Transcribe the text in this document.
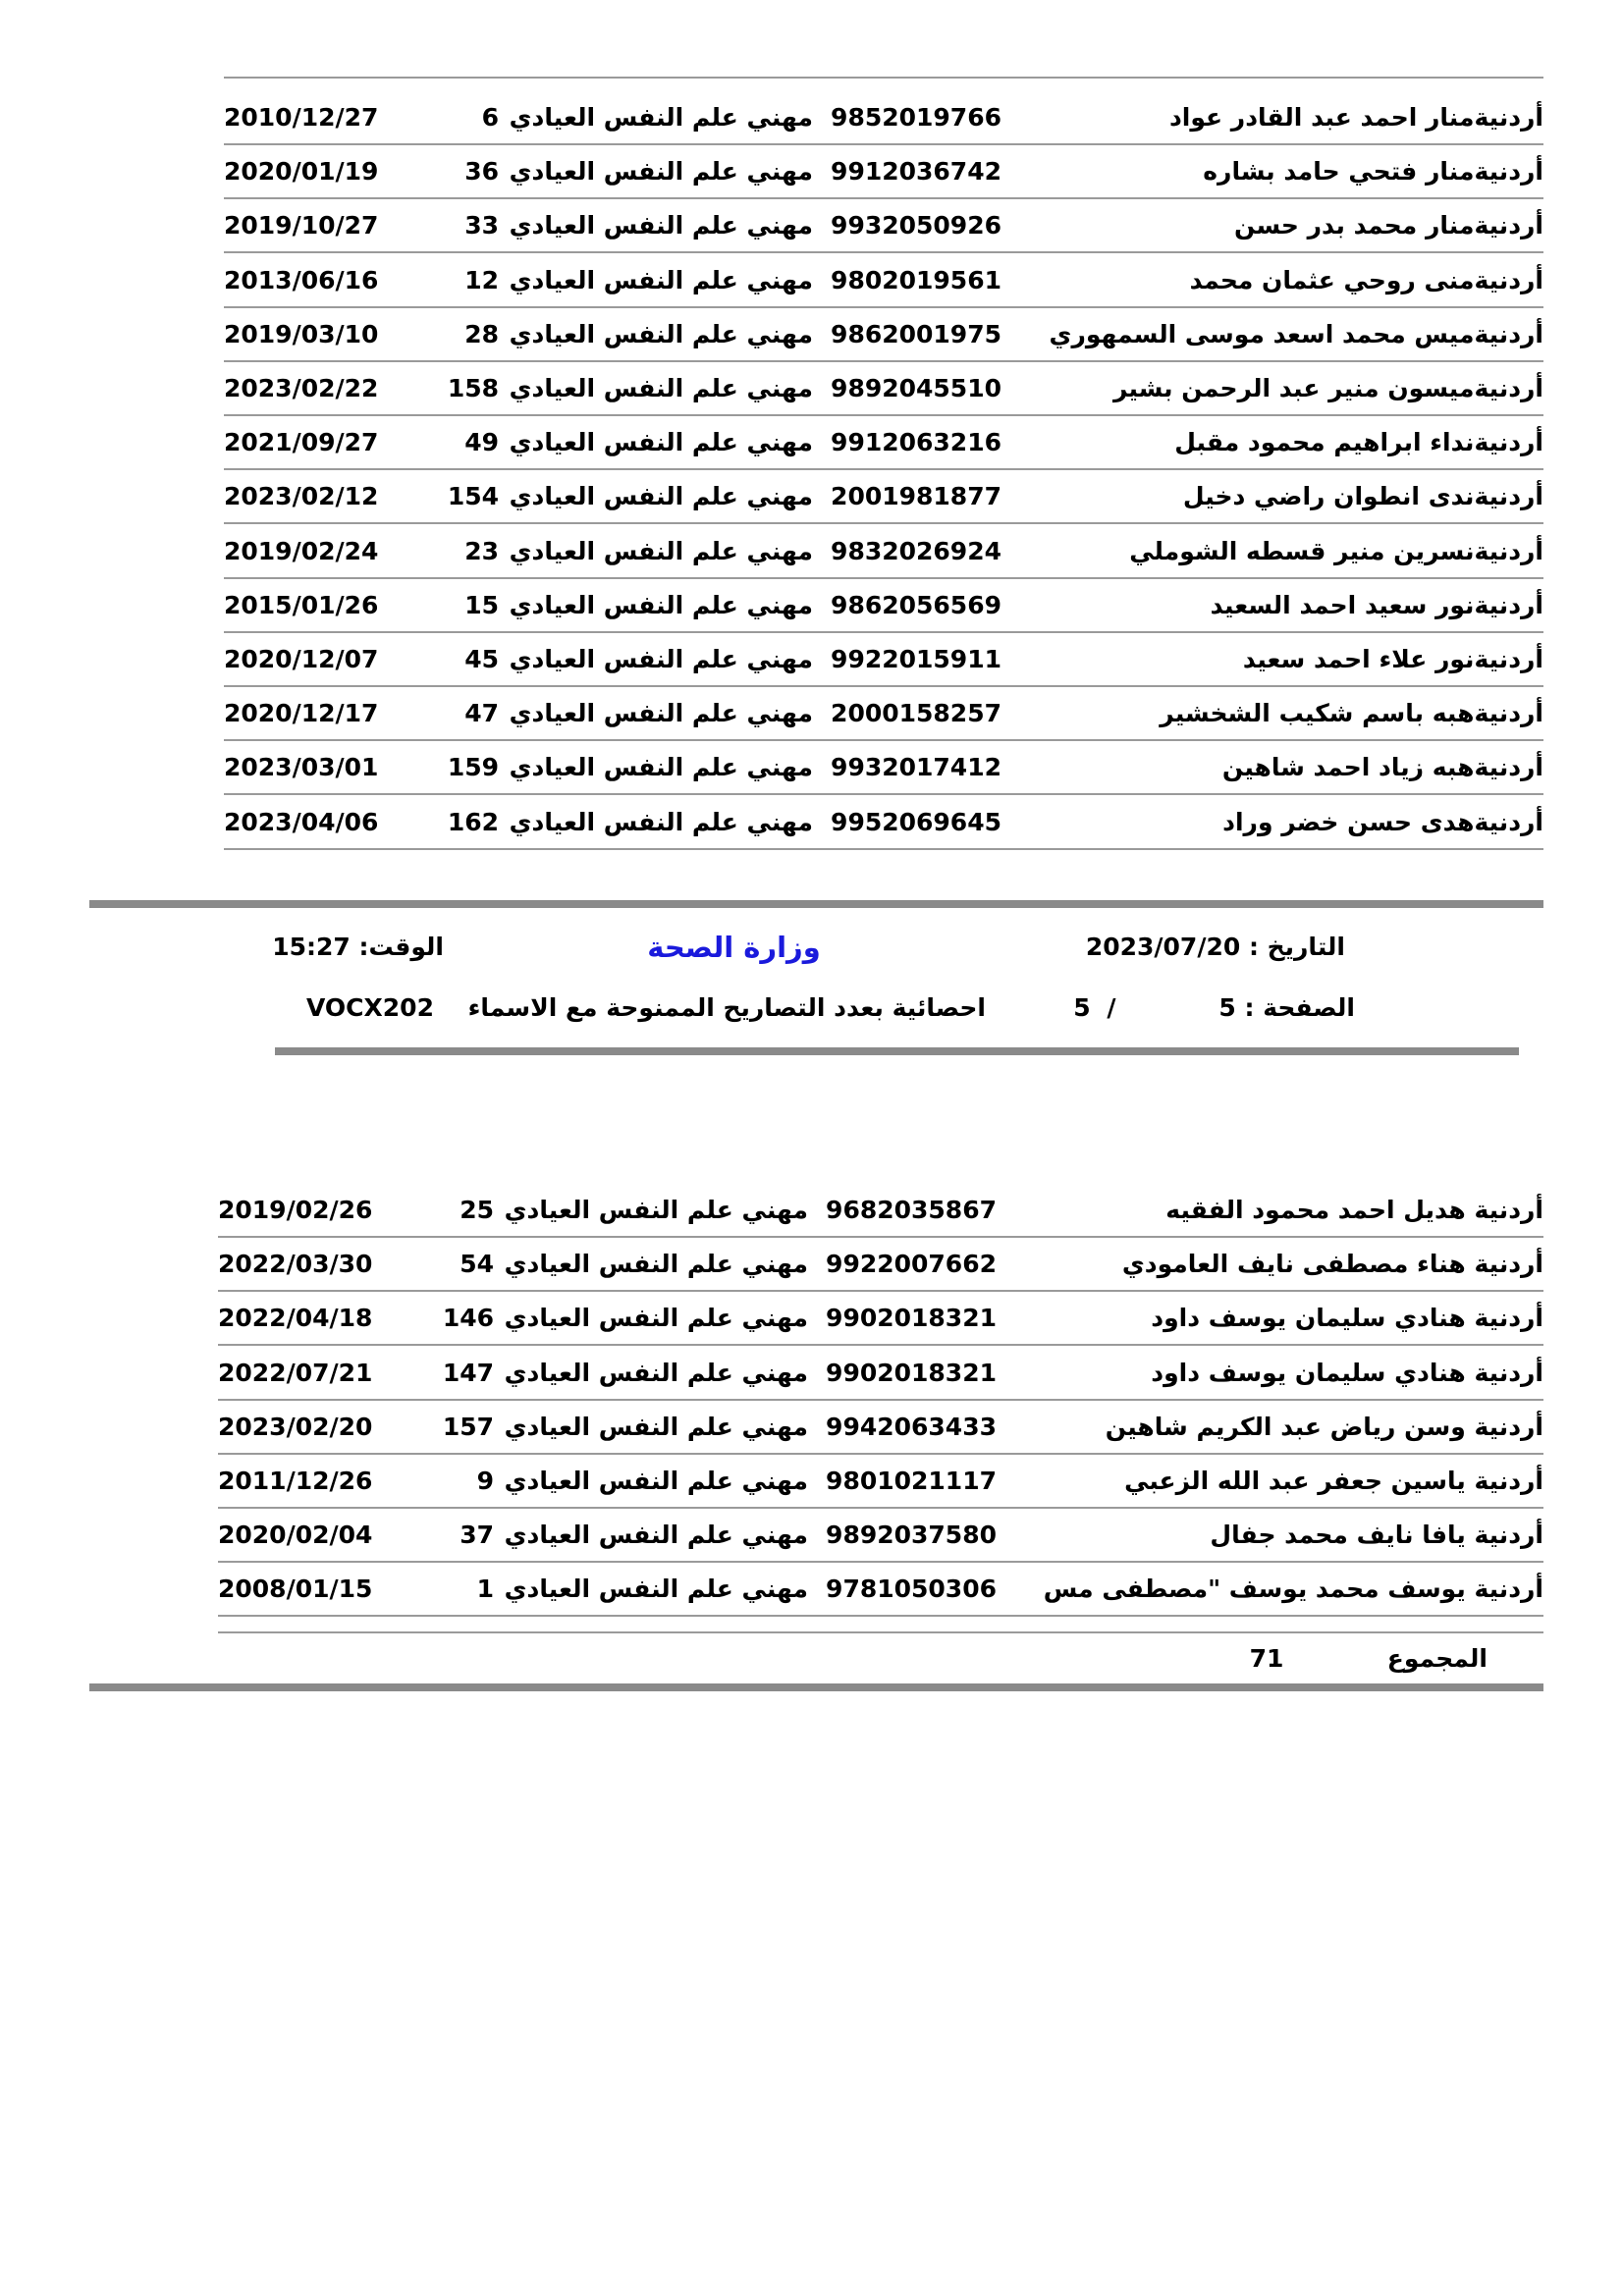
أردنيةمنار احمد عبد القادر عواد
9852019766
مهني علم النفس العيادي
6
2010/12/27
أردنيةمنار فتحي حامد بشاره
9912036742
مهني علم النفس العيادي
36
2020/01/19
أردنيةمنار محمد بدر حسن
9932050926
مهني علم النفس العيادي
33
2019/10/27
أردنيةمنى روحي عثمان محمد
9802019561
مهني علم النفس العيادي
12
2013/06/16
أردنيةميس محمد اسعد موسى السمهوري
9862001975
مهني علم النفس العيادي
28
2019/03/10
أردنيةميسون منير عبد الرحمن بشير
9892045510
مهني علم النفس العيادي
158
2023/02/22
أردنيةنداء ابراهيم محمود مقبل
9912063216
مهني علم النفس العيادي
49
2021/09/27
أردنيةندى انطوان راضي دخيل
2001981877
مهني علم النفس العيادي
154
2023/02/12
أردنيةنسرين منير قسطه الشوملي
9832026924
مهني علم النفس العيادي
23
2019/02/24
أردنيةنور سعيد احمد السعيد
9862056569
مهني علم النفس العيادي
15
2015/01/26
أردنيةنور علاء احمد سعيد
9922015911
مهني علم النفس العيادي
45
2020/12/07
أردنيةهبه باسم شكيب الشخشير
2000158257
مهني علم النفس العيادي
47
2020/12/17
أردنيةهبه زياد احمد شاهين
9932017412
مهني علم النفس العيادي
159
2023/03/01
أردنيةهدى حسن خضر وراد
9952069645
مهني علم النفس العيادي
162
2023/04/06
التاريخ : 2023/07/20
وزارة الصحة
الوقت: 15:27
الصفحة : 5
/
5
احصائية بعدد التصاريح الممنوحة مع الاسماء
VOCX202
أردنية هديل احمد محمود الفقيه
9682035867
مهني علم النفس العيادي
25
2019/02/26
أردنية هناء مصطفى نايف العامودي
9922007662
مهني علم النفس العيادي
54
2022/03/30
أردنية هنادي سليمان يوسف داود
9902018321
مهني علم النفس العيادي
146
2022/04/18
أردنية هنادي سليمان يوسف داود
9902018321
مهني علم النفس العيادي
147
2022/07/21
أردنية وسن رياض عبد الكريم شاهين
9942063433
مهني علم النفس العيادي
157
2023/02/20
أردنية ياسين جعفر عبد الله الزعبي
9801021117
مهني علم النفس العيادي
9
2011/12/26
أردنية يافا نايف محمد جفال
9892037580
مهني علم النفس العيادي
37
2020/02/04
أردنية يوسف محمد يوسف "مصطفى مس
9781050306
مهني علم النفس العيادي
1
2008/01/15
المجموع
71
